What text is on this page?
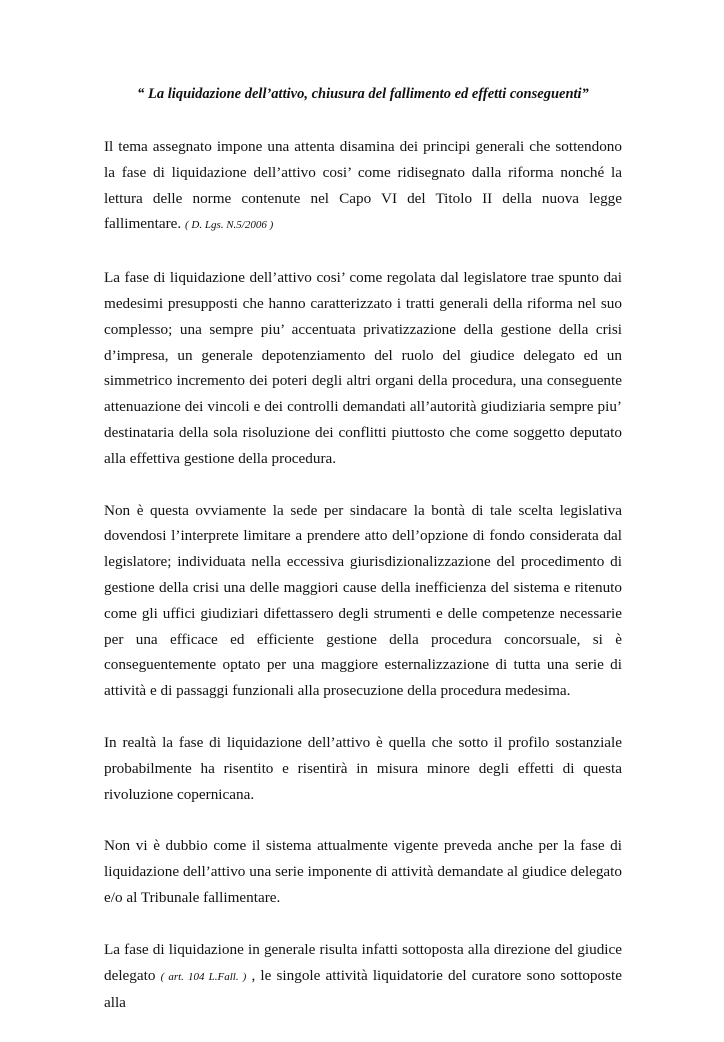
“ La liquidazione dell’attivo, chiusura del fallimento ed effetti conseguenti”

Il tema assegnato impone una attenta disamina dei principi generali che sottendono la fase di liquidazione dell’attivo cosi’ come ridisegnato dalla riforma nonché la lettura delle norme contenute nel Capo VI del Titolo II della nuova legge fallimentare. ( D. Lgs. N.5/2006 )

La fase di liquidazione dell’attivo cosi’ come regolata dal legislatore trae spunto dai medesimi presupposti che hanno caratterizzato i tratti generali della riforma nel suo complesso; una sempre piu’ accentuata privatizzazione della gestione della crisi d’impresa, un generale depotenziamento del ruolo del giudice delegato ed un simmetrico incremento dei poteri degli altri organi della procedura, una conseguente attenuazione dei vincoli e dei controlli demandati all’autorità giudiziaria sempre piu’ destinataria della sola risoluzione dei conflitti piuttosto che come soggetto deputato alla effettiva gestione della procedura.

Non è questa ovviamente la sede per sindacare la bontà di tale scelta legislativa dovendosi l’interprete limitare a prendere atto dell’opzione di fondo considerata dal legislatore; individuata nella eccessiva giurisdizionalizzazione del procedimento di gestione della crisi una delle maggiori cause della inefficienza del sistema e ritenuto come gli uffici giudiziari difettassero degli strumenti e delle competenze necessarie per una efficace ed efficiente gestione della procedura concorsuale, si è conseguentemente optato per una maggiore esternalizzazione di tutta una serie di attività e di passaggi funzionali alla prosecuzione della procedura medesima.

In realtà la fase di liquidazione dell’attivo è quella che sotto il profilo sostanziale probabilmente ha risentito e risentirà in misura minore degli effetti di questa rivoluzione copernicana.

Non vi è dubbio come il sistema attualmente vigente preveda anche per la fase di liquidazione dell’attivo una serie imponente di attività demandate al giudice delegato e/o al Tribunale fallimentare.

La fase di liquidazione in generale risulta infatti sottoposta alla direzione del giudice delegato ( art. 104 L.Fall. ) , le singole attività liquidatorie del curatore sono sottoposte alla
